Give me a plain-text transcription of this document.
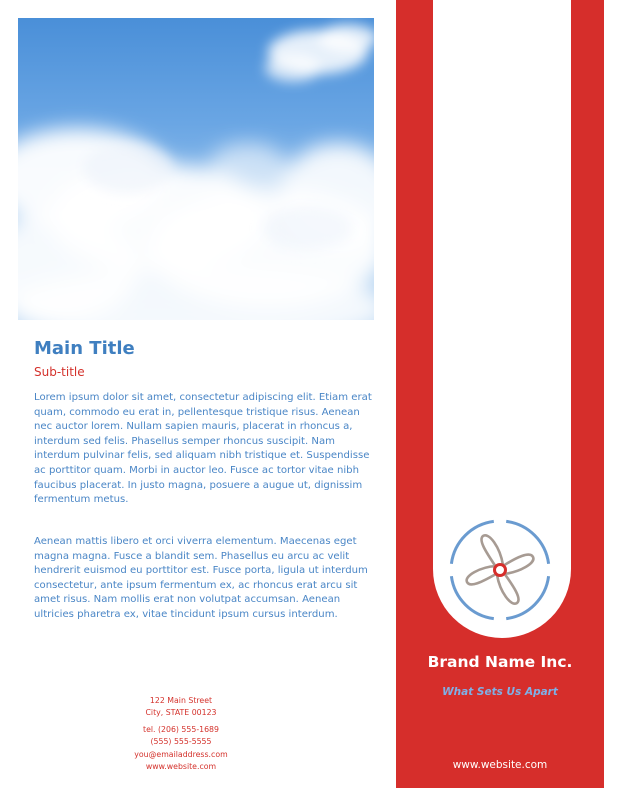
Main Title
Sub-title

Lorem ipsum dolor sit amet, consectetur adipiscing elit. Etiam erat quam, commodo eu erat in, pellentesque tristique risus. Aenean nec auctor lorem. Nullam sapien mauris, placerat in rhoncus a, interdum sed felis. Phasellus semper rhoncus suscipit. Nam interdum pulvinar felis, sed aliquam nibh tristique et. Suspendisse ac porttitor quam. Morbi in auctor leo. Fusce ac tortor vitae nibh faucibus placerat. In justo magna, posuere a augue ut, dignissim fermentum metus.

Aenean mattis libero et orci viverra elementum. Maecenas eget magna magna. Fusce a blandit sem. Phasellus eu arcu ac velit hendrerit euismod eu porttitor est. Fusce porta, ligula ut interdum consectetur, ante ipsum fermentum ex, ac rhoncus erat arcu sit amet risus. Nam mollis erat non volutpat accumsan. Aenean ultricies pharetra ex, vitae tincidunt ipsum cursus interdum.

122 Main Street
City, STATE 00123
tel. (206) 555-1689
(555) 555-5555
you@emailaddress.com
www.website.com
Brand Name Inc.
What Sets Us Apart
www.website.com
